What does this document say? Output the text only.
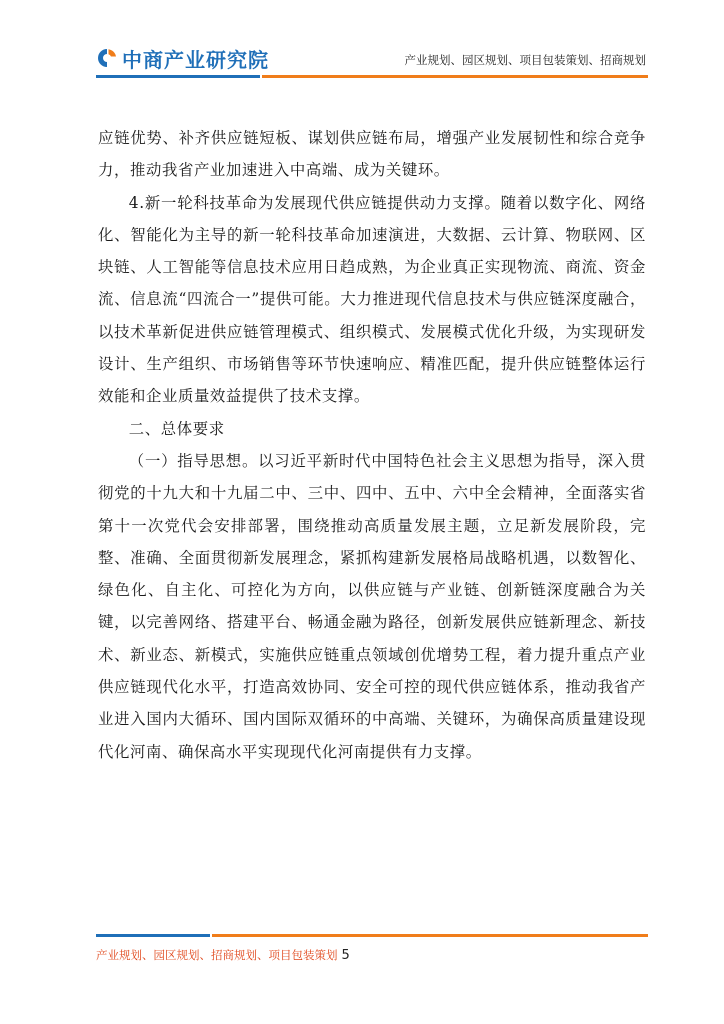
中商产业研究院	产业规划、园区规划、项目包装策划、招商规划

应链优势、补齐供应链短板、谋划供应链布局，增强产业发展韧性和综合竞争力，推动我省产业加速进入中高端、成为关键环。

4.新一轮科技革命为发展现代供应链提供动力支撑。随着以数字化、网络化、智能化为主导的新一轮科技革命加速演进，大数据、云计算、物联网、区块链、人工智能等信息技术应用日趋成熟，为企业真正实现物流、商流、资金流、信息流“四流合一”提供可能。大力推进现代信息技术与供应链深度融合，以技术革新促进供应链管理模式、组织模式、发展模式优化升级，为实现研发设计、生产组织、市场销售等环节快速响应、精准匹配，提升供应链整体运行效能和企业质量效益提供了技术支撑。

二、总体要求

（一）指导思想。以习近平新时代中国特色社会主义思想为指导，深入贯彻党的十九大和十九届二中、三中、四中、五中、六中全会精神，全面落实省第十一次党代会安排部署，围绕推动高质量发展主题，立足新发展阶段，完整、准确、全面贯彻新发展理念，紧抓构建新发展格局战略机遇，以数智化、绿色化、自主化、可控化为方向，以供应链与产业链、创新链深度融合为关键，以完善网络、搭建平台、畅通金融为路径，创新发展供应链新理念、新技术、新业态、新模式，实施供应链重点领域创优增势工程，着力提升重点产业供应链现代化水平，打造高效协同、安全可控的现代供应链体系，推动我省产业进入国内大循环、国内国际双循环的中高端、关键环，为确保高质量建设现代化河南、确保高水平实现现代化河南提供有力支撑。

产业规划、园区规划、招商规划、项目包装策划 5
